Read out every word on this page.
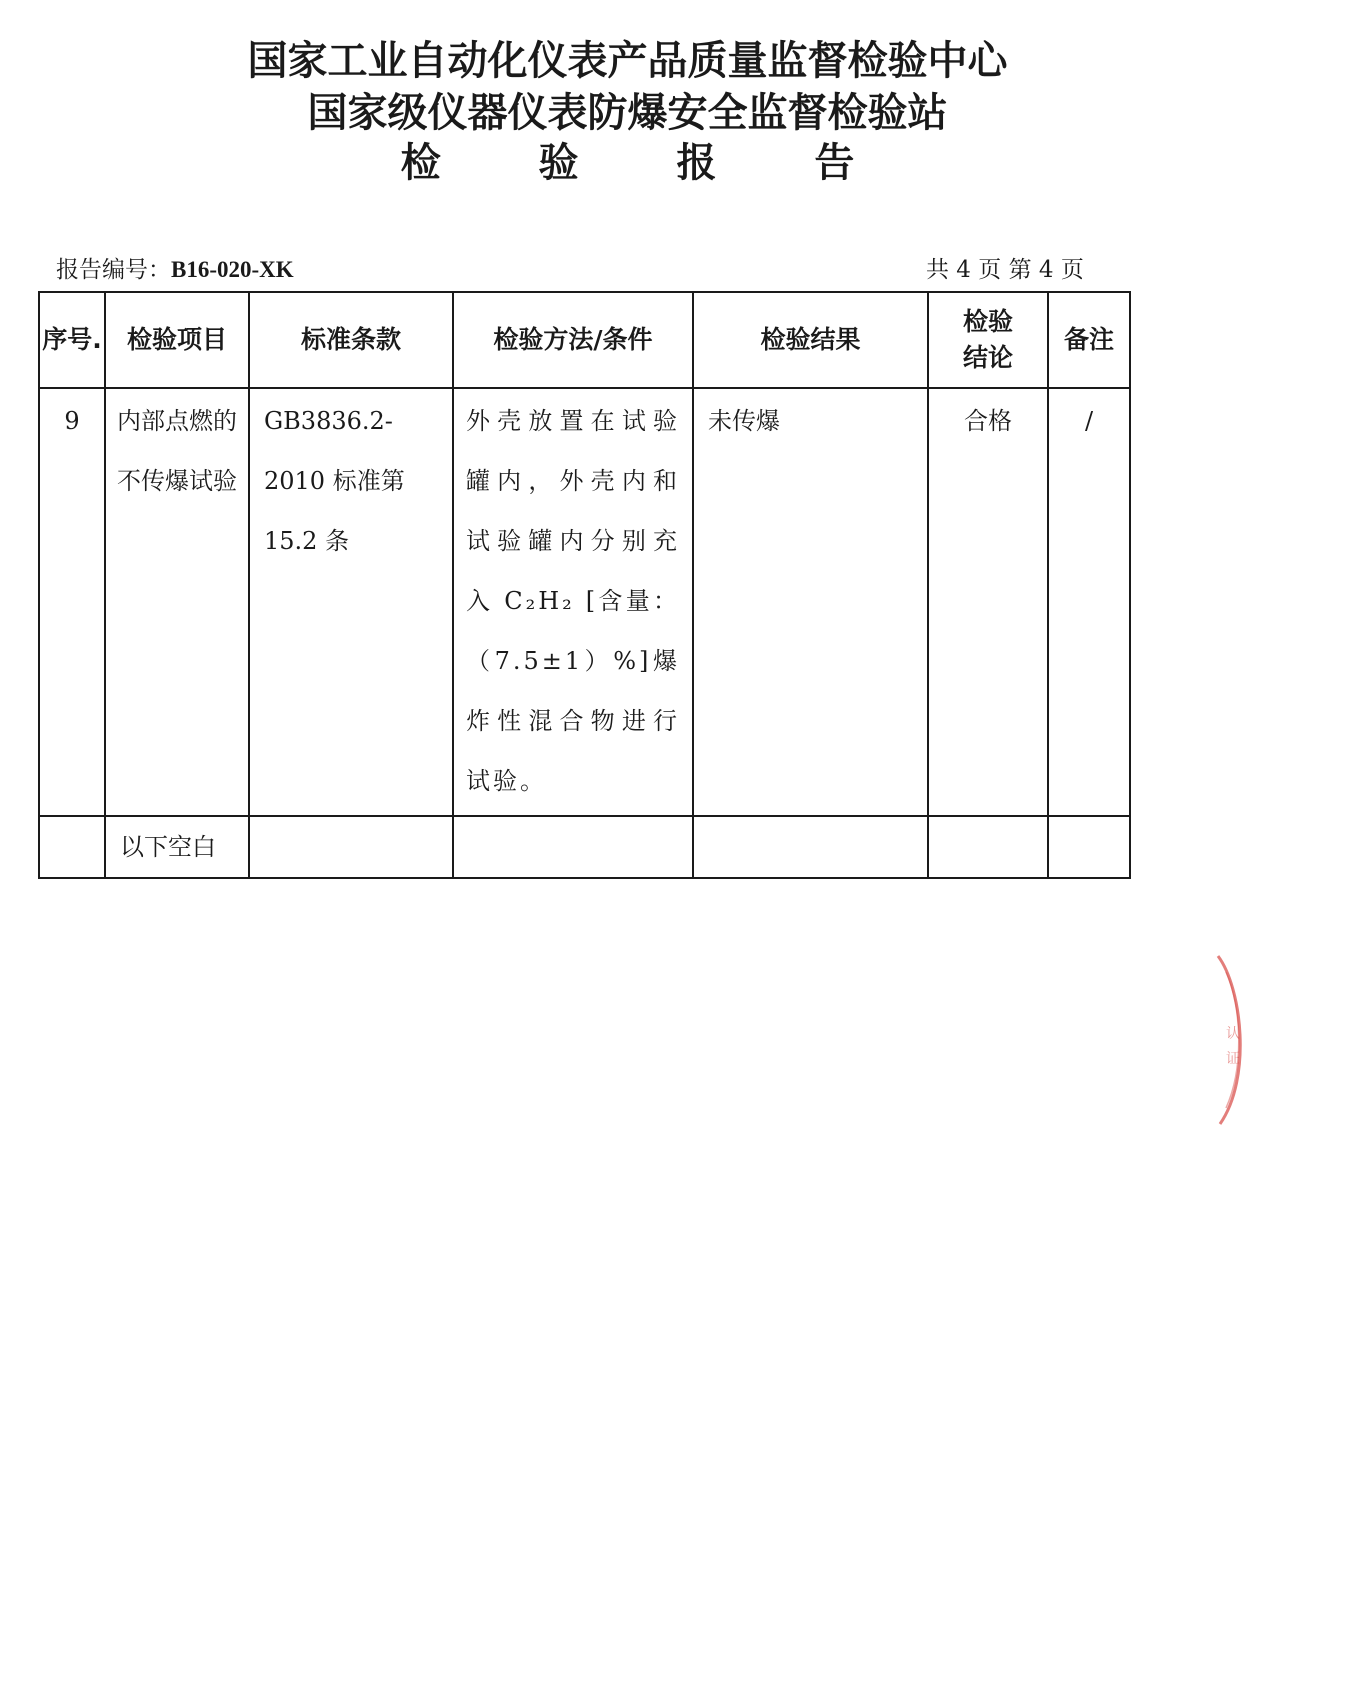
国家工业自动化仪表产品质量监督检验中心
国家级仪器仪表防爆安全监督检验站
检 验 报 告
报告编号：B16-020-XK	共 4 页 第 4 页
序号.	检验项目	标准条款	检验方法/条件	检验结果	检验结论	备注
9	内部点燃的不传爆试验	GB3836.2-2010 标准第 15.2 条	外壳放置在试验罐内，外壳内和试验罐内分别充入 C₂H₂ [含量：（7.5±1）%]爆炸性混合物进行试验。	未传爆	合格	/
	以下空白					
认
证
